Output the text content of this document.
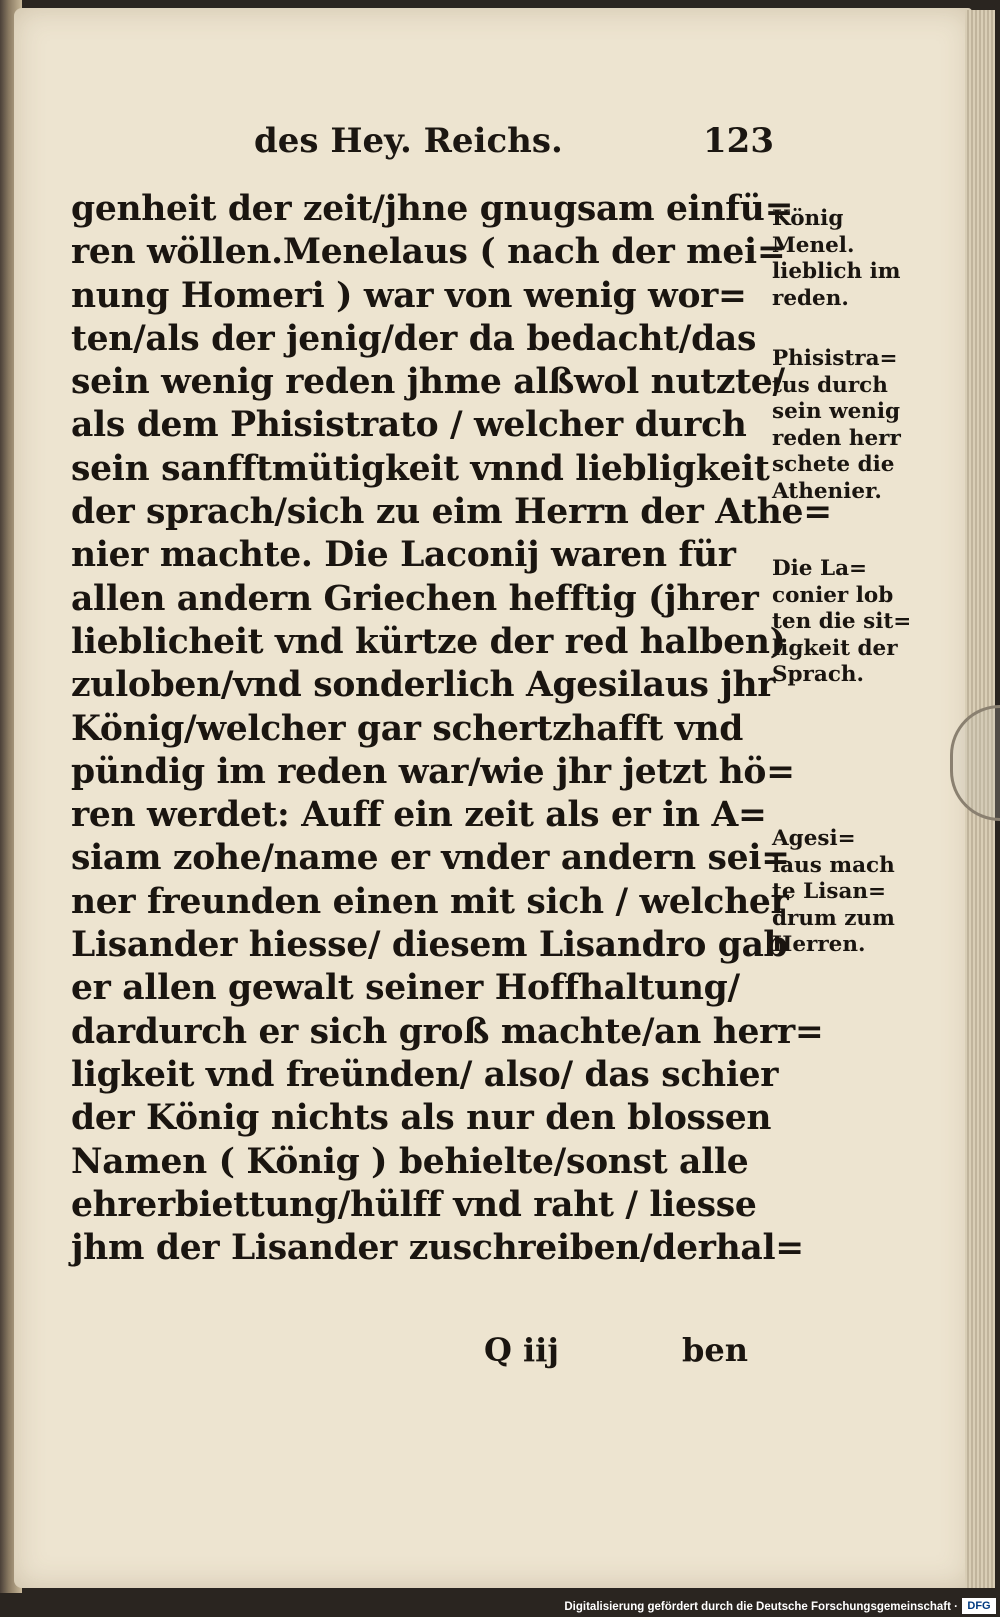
des Hey. Reichs.	123
genheit der zeit/jhne gnugsam einfü=
ren wöllen.Menelaus ( nach der mei=
nung Homeri ) war von wenig wor=
ten/als der jenig/der da bedacht/das
sein wenig reden jhme alßwol nutzte/
als dem Phisistrato / welcher durch
sein sanfftmütigkeit vnnd liebligkeit
der sprach/sich zu eim Herrn der Athe=
nier machte. Die Laconij waren für
allen andern Griechen hefftig (jhrer
lieblicheit vnd kürtze der red halben)
zuloben/vnd sonderlich Agesilaus jhr
König/welcher gar schertzhafft vnd
pündig im reden war/wie jhr jetzt hö=
ren werdet: Auff ein zeit als er in A=
siam zohe/name er vnder andern sei=
ner freunden einen mit sich / welcher
Lisander hiesse/ diesem Lisandro gab
er allen gewalt seiner Hoffhaltung/
dardurch er sich groß machte/an herr=
ligkeit vnd freünden/ also/ das schier
der König nichts als nur den blossen
Namen ( König ) behielte/sonst alle
ehrerbiettung/hülff vnd raht / liesse
jhm der Lisander zuschreiben/derhal=
König
Menel.
lieblich im
reden.
Phisistra=
tus durch
sein wenig
reden herr
schete die
Athenier.
Die La=
conier lob
ten die sit=
ligkeit der
Sprach.
Agesi=
laus mach
te Lisan=
drum zum
Herren.
Q iij	ben
Digitalisierung gefördert durch die Deutsche Forschungsgemeinschaft · DFG
